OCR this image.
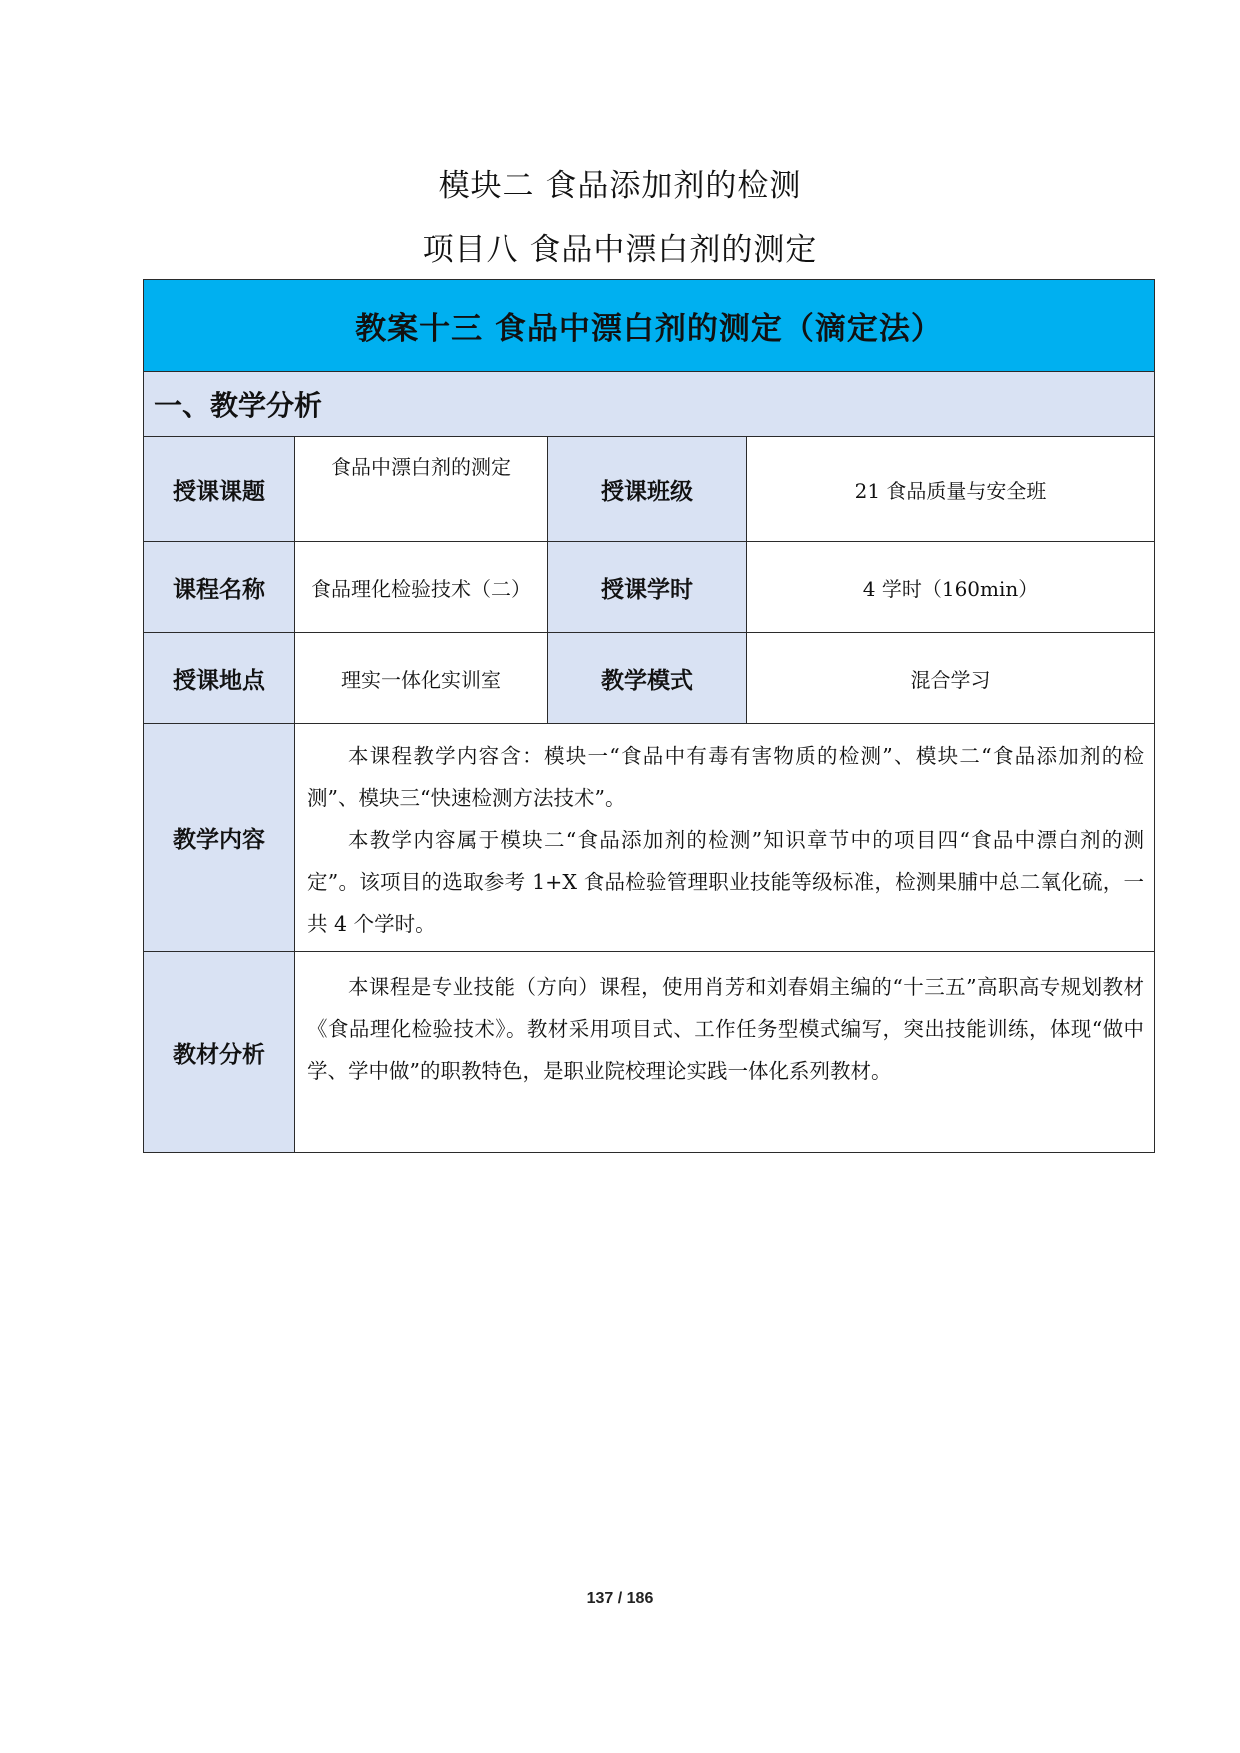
模块二 食品添加剂的检测
项目八 食品中漂白剂的测定
教案十三 食品中漂白剂的测定（滴定法）			
一、教学分析			
授课课题	食品中漂白剂的测定	授课班级	21 食品质量与安全班
课程名称	食品理化检验技术（二）	授课学时	4 学时（160min）
授课地点	理实一体化实训室	教学模式	混合学习
教学内容	本课程教学内容含：模块一“食品中有毒有害物质的检测”、模块二“食品添加剂的检测”、模块三“快速检测方法技术”。

本教学内容属于模块二“食品添加剂的检测”知识章节中的项目四“食品中漂白剂的测定”。该项目的选取参考 1+X 食品检验管理职业技能等级标准，检测果脯中总二氧化硫，一共 4 个学时。		

教材分析	本课程是专业技能（方向）课程，使用肖芳和刘春娟主编的“十三五”高职高专规划教材《食品理化检验技术》。教材采用项目式、工作任务型模式编写，突出技能训练，体现“做中学、学中做”的职教特色，是职业院校理论实践一体化系列教材。		

137 / 186
